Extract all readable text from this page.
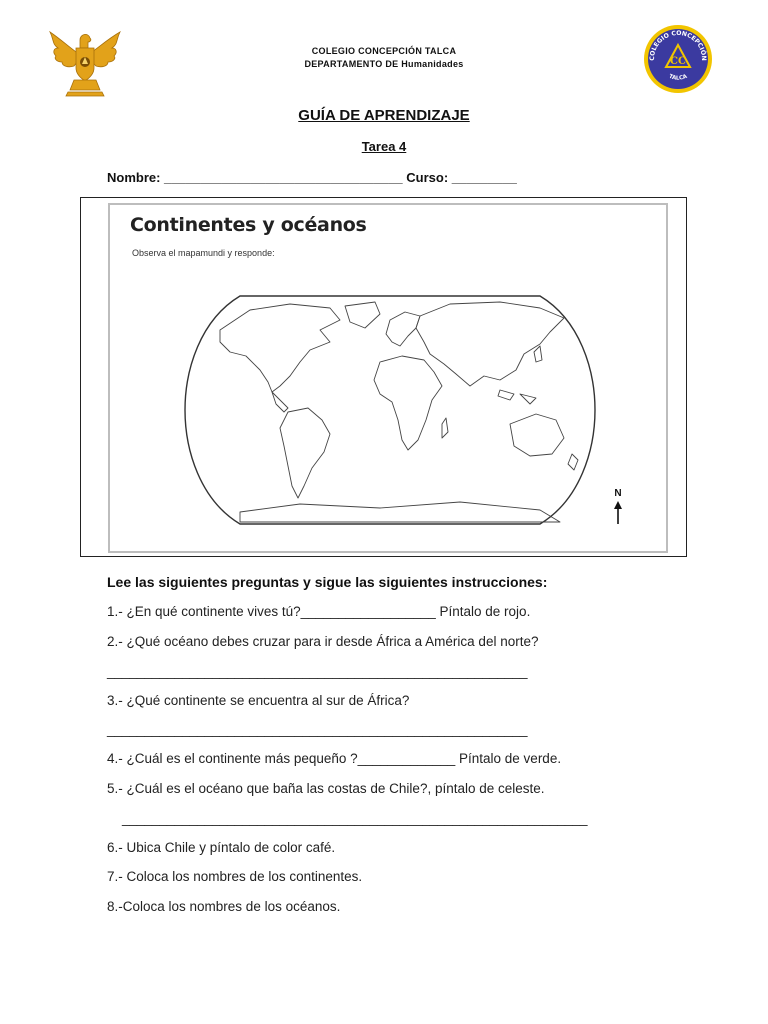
COLEGIO CONCEPCIÓN TALCA
DEPARTAMENTO DE Humanidades
COLEGIO CONCEPCIÓN
CC
TALCA
GUÍA DE APRENDIZAJE
Tarea 4
Nombre: _________________________________ Curso: _________
Continentes y océanos
Observa el mapamundi y responde:
N
Lee las siguientes preguntas y sigue las siguientes instrucciones:
1.- ¿En qué continente vives tú?__________________ Píntalo de rojo.
2.- ¿Qué océano debes cruzar para ir desde África a América del norte?
________________________________________________________
3.- ¿Qué continente se encuentra al sur de África?
________________________________________________________
4.- ¿Cuál es el continente más pequeño ?_____________ Píntalo de verde.
5.- ¿Cuál es el océano que baña las costas de Chile?, píntalo de celeste.
______________________________________________________________
6.- Ubica Chile y píntalo de color café.
7.- Coloca los nombres de los continentes.
8.-Coloca los nombres de los océanos.
